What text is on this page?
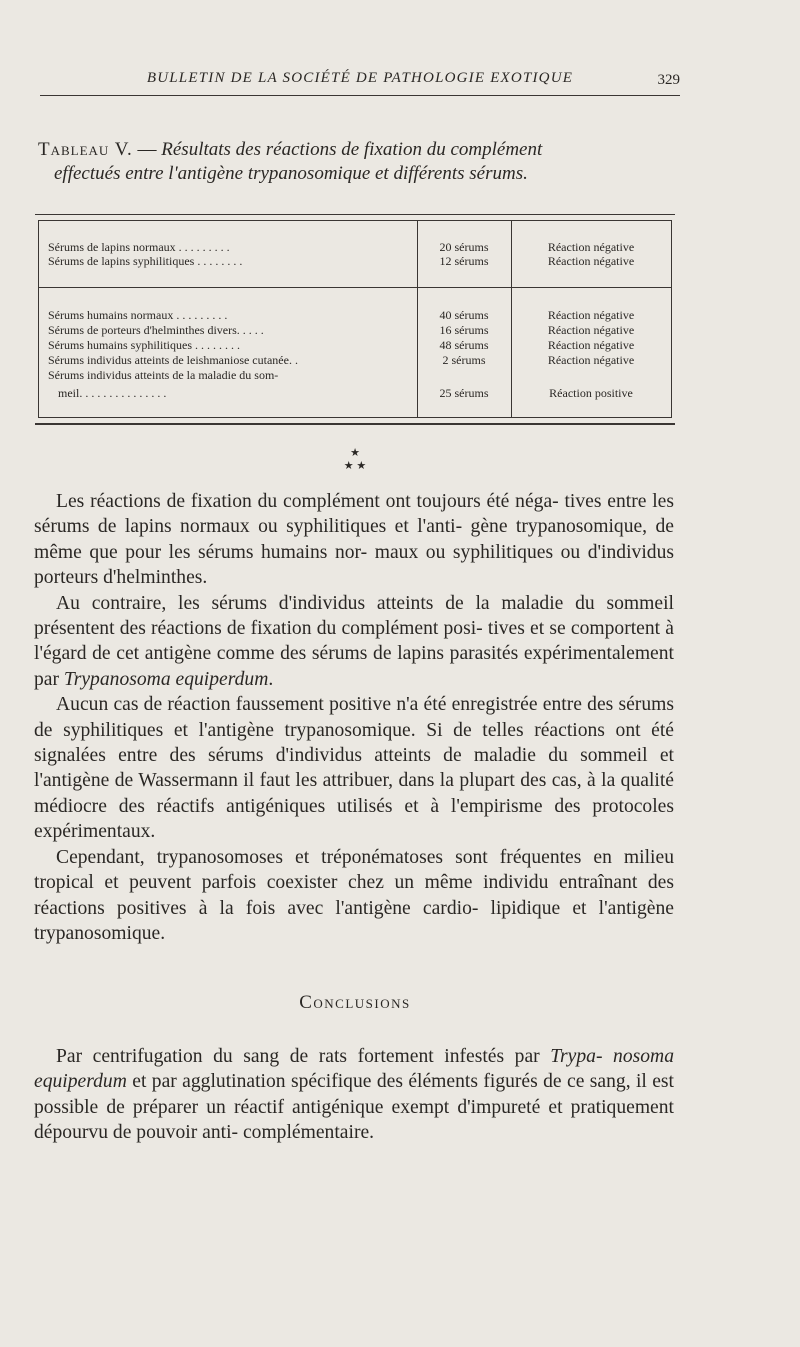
BULLETIN DE LA SOCIÉTÉ DE PATHOLOGIE EXOTIQUE	329
Tableau V. — Résultats des réactions de fixation du complément
effectués entre l'antigène trypanosomique et différents sérums.
Sérums de lapins normaux . . . . . . . . .	20 sérums	Réaction négative
Sérums de lapins syphilitiques . . . . . . . .	12 sérums	Réaction négative
Sérums humains normaux . . . . . . . . .	40 sérums	Réaction négative
Sérums de porteurs d'helminthes divers. . . . .	16 sérums	Réaction négative
Sérums humains syphilitiques . . . . . . . .	48 sérums	Réaction négative
Sérums individus atteints de leishmaniose cutanée. .	2 sérums	Réaction négative
Sérums individus atteints de la maladie du som-
meil. . . . . . . . . . . . . . .	25 sérums	Réaction positive
★
★ ★

Les réactions de fixation du complément ont toujours été néga- tives entre les sérums de lapins normaux ou syphilitiques et l'anti- gène trypanosomique, de même que pour les sérums humains nor- maux ou syphilitiques ou d'individus porteurs d'helminthes.

Au contraire, les sérums d'individus atteints de la maladie du sommeil présentent des réactions de fixation du complément posi- tives et se comportent à l'égard de cet antigène comme des sérums de lapins parasités expérimentalement par Trypanosoma equiperdum.

Aucun cas de réaction faussement positive n'a été enregistrée entre des sérums de syphilitiques et l'antigène trypanosomique. Si de telles réactions ont été signalées entre des sérums d'individus atteints de maladie du sommeil et l'antigène de Wassermann il faut les attribuer, dans la plupart des cas, à la qualité médiocre des réactifs antigéniques utilisés et à l'empirisme des protocoles expérimentaux.

Cependant, trypanosomoses et tréponématoses sont fréquentes en milieu tropical et peuvent parfois coexister chez un même individu entraînant des réactions positives à la fois avec l'antigène cardio- lipidique et l'antigène trypanosomique.

Conclusions

Par centrifugation du sang de rats fortement infestés par Trypa- nosoma equiperdum et par agglutination spécifique des éléments figurés de ce sang, il est possible de préparer un réactif antigénique exempt d'impureté et pratiquement dépourvu de pouvoir anti- complémentaire.
